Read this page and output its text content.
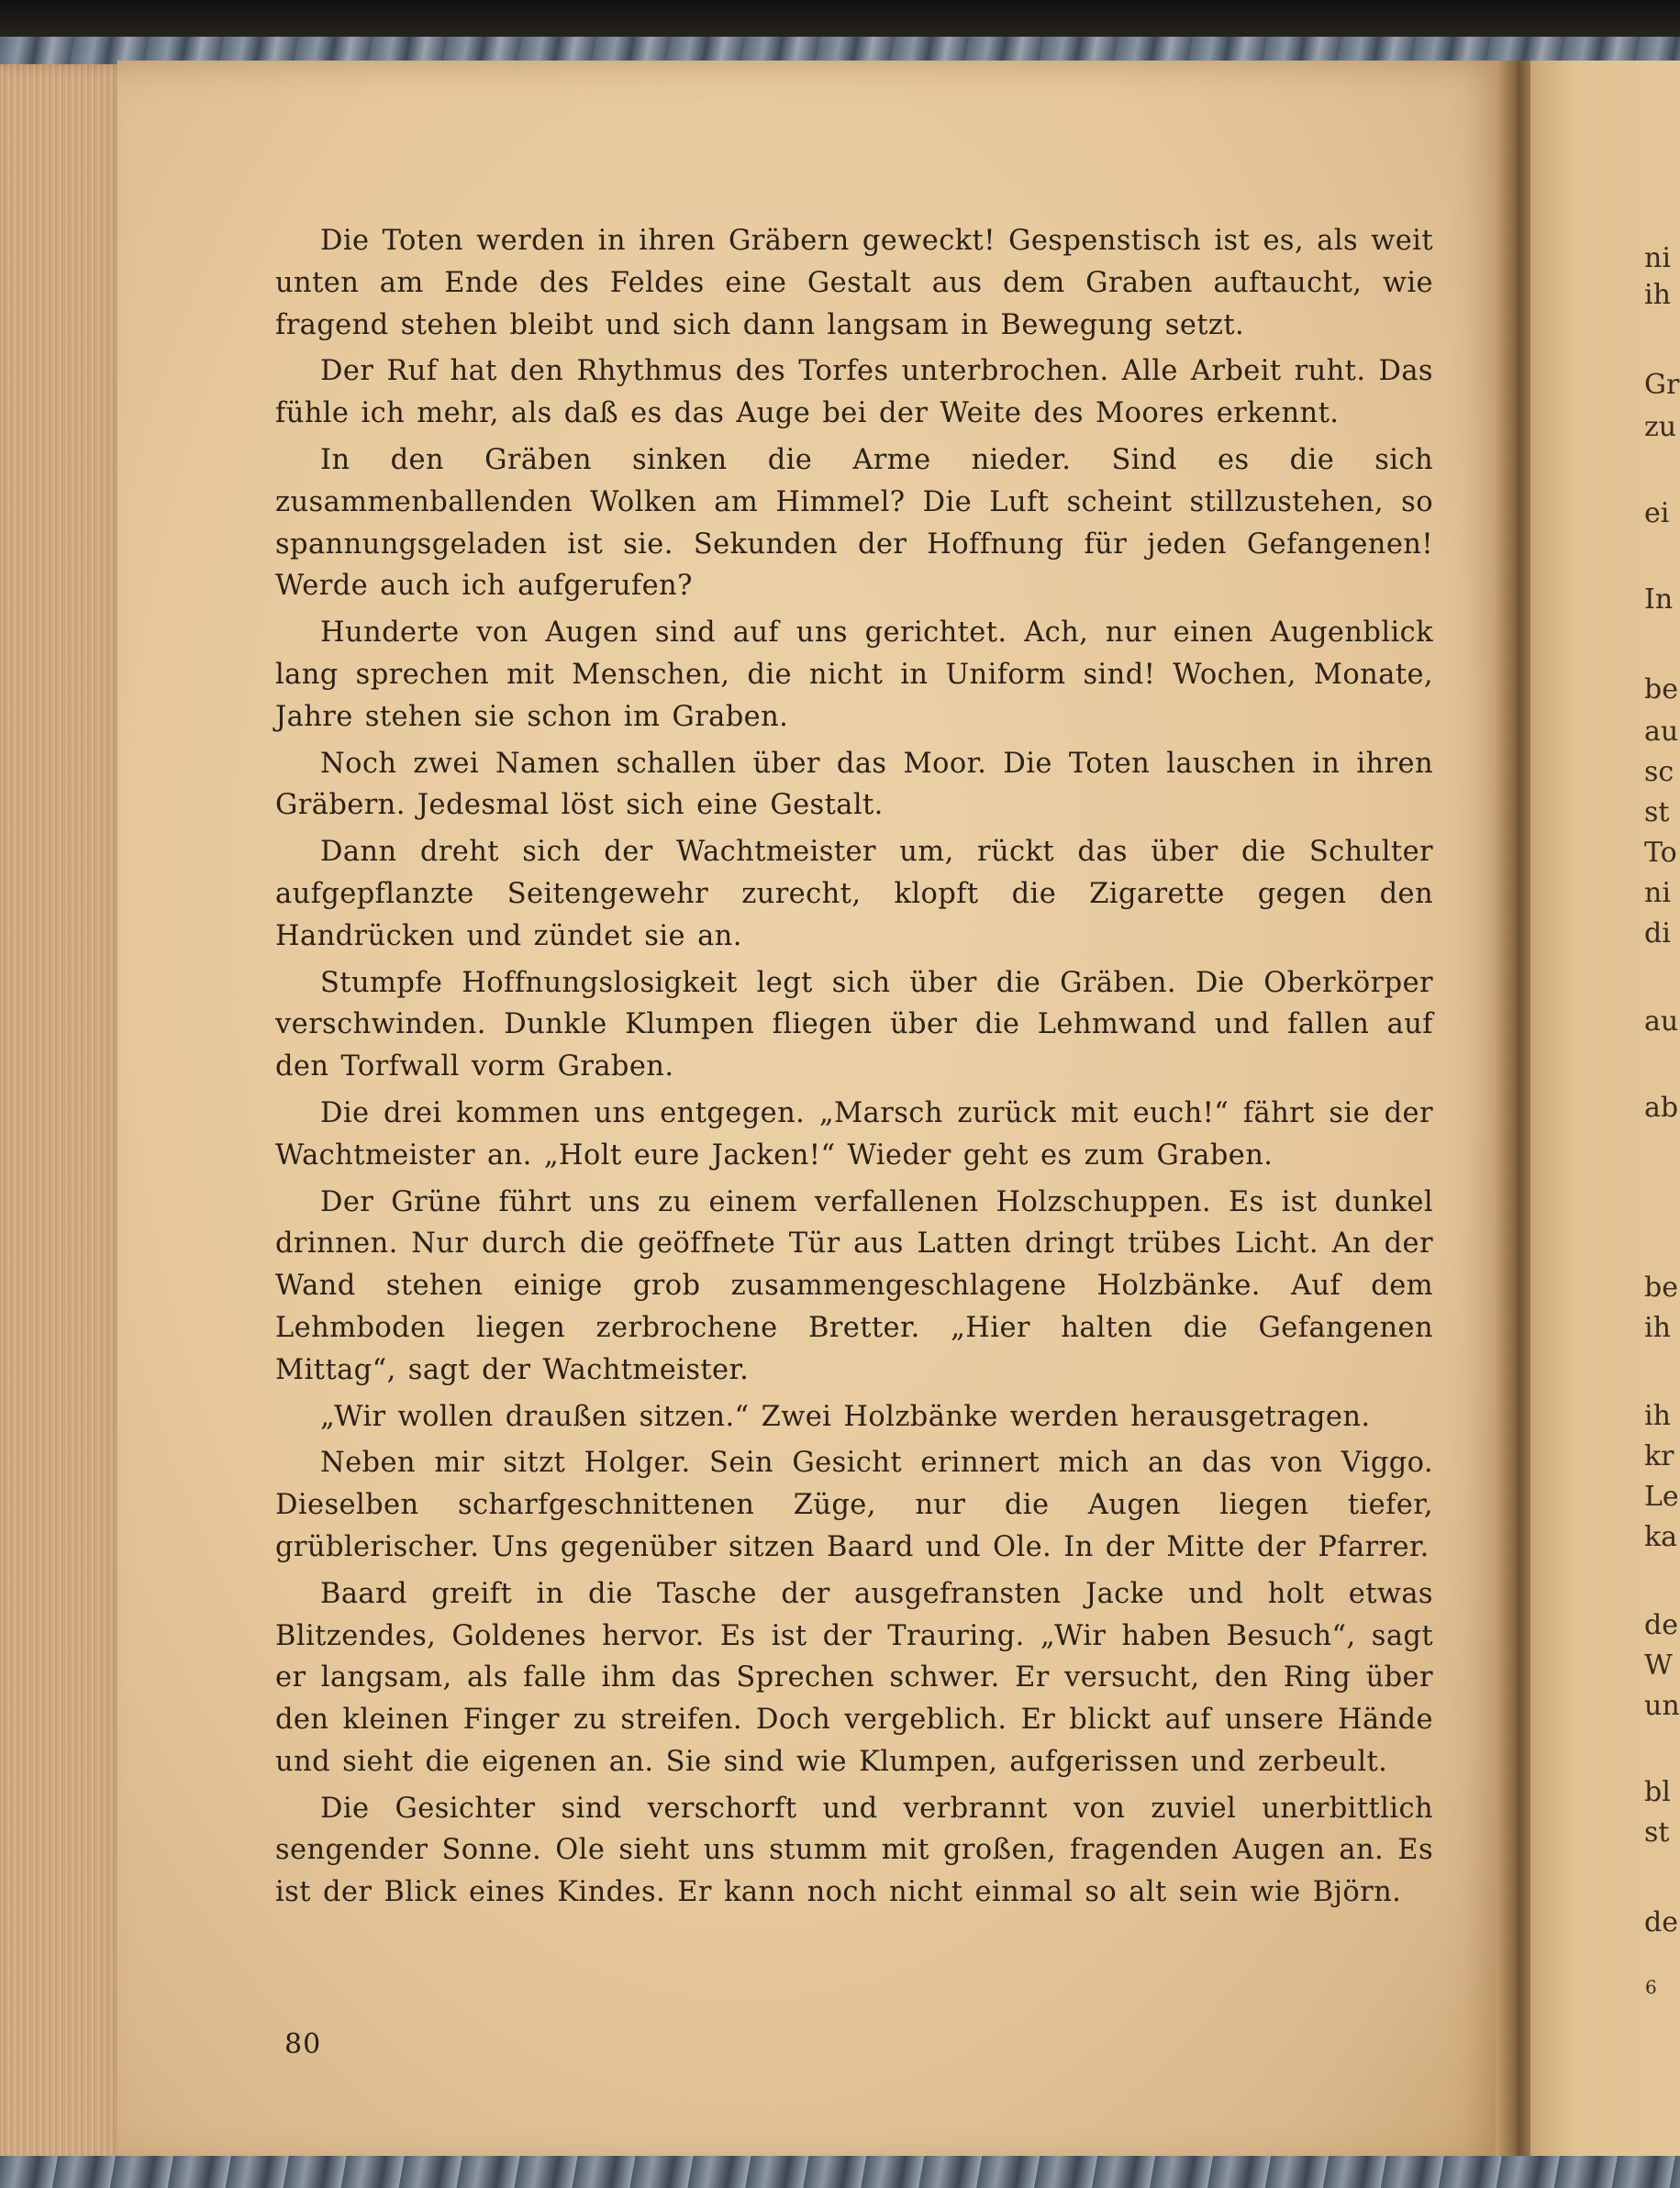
Die Toten werden in ihren Gräbern geweckt! Gespenstisch ist es, als weit unten am Ende des Feldes eine Gestalt aus dem Graben auftaucht, wie fragend stehen bleibt und sich dann langsam in Bewegung setzt.

Der Ruf hat den Rhythmus des Torfes unterbrochen. Alle Arbeit ruht. Das fühle ich mehr, als daß es das Auge bei der Weite des Moores erkennt.

In den Gräben sinken die Arme nieder. Sind es die sich zusammenballenden Wolken am Himmel? Die Luft scheint stillzustehen, so spannungsgeladen ist sie. Sekunden der Hoffnung für jeden Gefangenen! Werde auch ich aufgerufen?

Hunderte von Augen sind auf uns gerichtet. Ach, nur einen Augenblick lang sprechen mit Menschen, die nicht in Uniform sind! Wochen, Monate, Jahre stehen sie schon im Graben.

Noch zwei Namen schallen über das Moor. Die Toten lauschen in ihren Gräbern. Jedesmal löst sich eine Gestalt.

Dann dreht sich der Wachtmeister um, rückt das über die Schulter aufgepflanzte Seitengewehr zurecht, klopft die Zigarette gegen den Handrücken und zündet sie an.

Stumpfe Hoffnungslosigkeit legt sich über die Gräben. Die Oberkörper verschwinden. Dunkle Klumpen fliegen über die Lehmwand und fallen auf den Torfwall vorm Graben.

Die drei kommen uns entgegen. „Marsch zurück mit euch!“ fährt sie der Wachtmeister an. „Holt eure Jacken!“ Wieder geht es zum Graben.

Der Grüne führt uns zu einem verfallenen Holzschuppen. Es ist dunkel drinnen. Nur durch die geöffnete Tür aus Latten dringt trübes Licht. An der Wand stehen einige grob zusammengeschlagene Holzbänke. Auf dem Lehmboden liegen zerbrochene Bretter. „Hier halten die Gefangenen Mittag“, sagt der Wachtmeister.

„Wir wollen draußen sitzen.“ Zwei Holzbänke werden herausgetragen.

Neben mir sitzt Holger. Sein Gesicht erinnert mich an das von Viggo. Dieselben scharfgeschnittenen Züge, nur die Augen liegen tiefer, grüblerischer. Uns gegenüber sitzen Baard und Ole. In der Mitte der Pfarrer.

Baard greift in die Tasche der ausgefransten Jacke und holt etwas Blitzendes, Goldenes hervor. Es ist der Trauring. „Wir haben Besuch“, sagt er langsam, als falle ihm das Sprechen schwer. Er versucht, den Ring über den kleinen Finger zu streifen. Doch vergeblich. Er blickt auf unsere Hände und sieht die eigenen an. Sie sind wie Klumpen, aufgerissen und zerbeult.

Die Gesichter sind verschorft und verbrannt von zuviel unerbittlich sengender Sonne. Ole sieht uns stumm mit großen, fragenden Augen an. Es ist der Blick eines Kindes. Er kann noch nicht einmal so alt sein wie Björn.

80
ni
ih
Gr
zu
ei
In
be
au
sc
st
To
ni
di
au
ab
be
ih
ih
kr
Le
ka
de
W
un
bl
st
de
6
